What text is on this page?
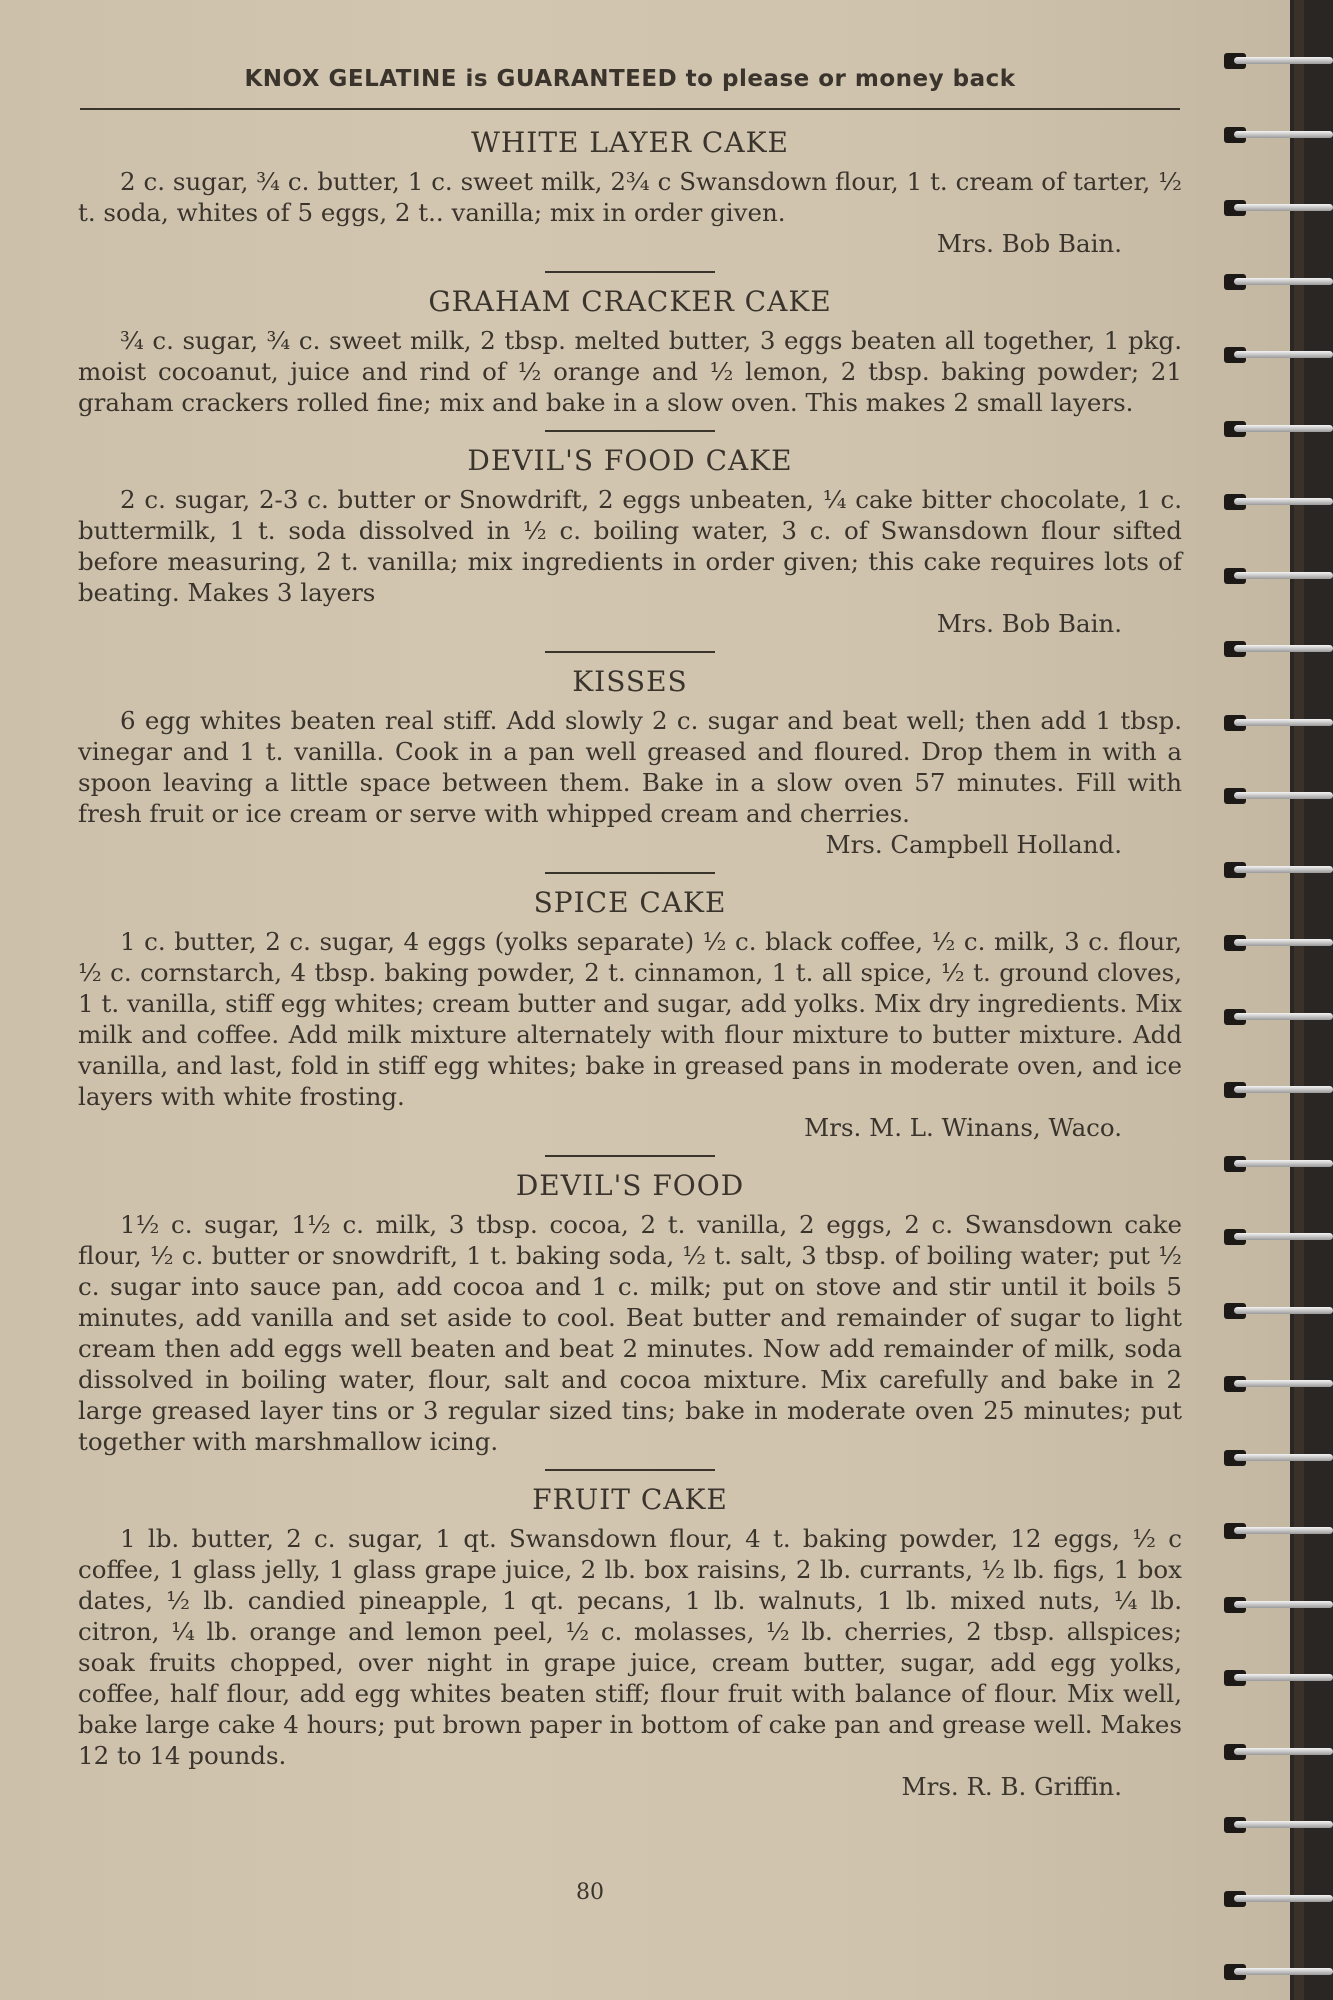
KNOX GELATINE is GUARANTEED to please or money back
WHITE LAYER CAKE

2 c. sugar, ¾ c. butter, 1 c. sweet milk, 2¾ c Swansdown flour, 1 t. cream of tarter, ½ t. soda, whites of 5 eggs, 2 t.. vanilla; mix in order given.

Mrs. Bob Bain.

GRAHAM CRACKER CAKE

¾ c. sugar, ¾ c. sweet milk, 2 tbsp. melted butter, 3 eggs beaten all together, 1 pkg. moist cocoanut, juice and rind of ½ orange and ½ lemon, 2 tbsp. baking powder; 21 graham crackers rolled fine; mix and bake in a slow oven. This makes 2 small layers.

DEVIL'S FOOD CAKE

2 c. sugar, 2-3 c. butter or Snowdrift, 2 eggs unbeaten, ¼ cake bitter chocolate, 1 c. buttermilk, 1 t. soda dissolved in ½ c. boiling water, 3 c. of Swansdown flour sifted before measuring, 2 t. vanilla; mix ingredients in order given; this cake requires lots of beating. Makes 3 layers

Mrs. Bob Bain.

KISSES

6 egg whites beaten real stiff. Add slowly 2 c. sugar and beat well; then add 1 tbsp. vinegar and 1 t. vanilla. Cook in a pan well greased and floured. Drop them in with a spoon leaving a little space between them. Bake in a slow oven 57 minutes. Fill with fresh fruit or ice cream or serve with whipped cream and cherries.

Mrs. Campbell Holland.

SPICE CAKE

1 c. butter, 2 c. sugar, 4 eggs (yolks separate) ½ c. black coffee, ½ c. milk, 3 c. flour, ½ c. cornstarch, 4 tbsp. baking powder, 2 t. cinnamon, 1 t. all spice, ½ t. ground cloves, 1 t. vanilla, stiff egg whites; cream butter and sugar, add yolks. Mix dry ingredients. Mix milk and coffee. Add milk mixture alternately with flour mixture to butter mixture. Add vanilla, and last, fold in stiff egg whites; bake in greased pans in moderate oven, and ice layers with white frosting.

Mrs. M. L. Winans, Waco.

DEVIL'S FOOD

1½ c. sugar, 1½ c. milk, 3 tbsp. cocoa, 2 t. vanilla, 2 eggs, 2 c. Swansdown cake flour, ½ c. butter or snowdrift, 1 t. baking soda, ½ t. salt, 3 tbsp. of boiling water; put ½ c. sugar into sauce pan, add cocoa and 1 c. milk; put on stove and stir until it boils 5 minutes, add vanilla and set aside to cool. Beat butter and remainder of sugar to light cream then add eggs well beaten and beat 2 minutes. Now add remainder of milk, soda dissolved in boiling water, flour, salt and cocoa mixture. Mix carefully and bake in 2 large greased layer tins or 3 regular sized tins; bake in moderate oven 25 minutes; put together with marshmallow icing.

FRUIT CAKE

1 lb. butter, 2 c. sugar, 1 qt. Swansdown flour, 4 t. baking powder, 12 eggs, ½ c coffee, 1 glass jelly, 1 glass grape juice, 2 lb. box raisins, 2 lb. currants, ½ lb. figs, 1 box dates, ½ lb. candied pineapple, 1 qt. pecans, 1 lb. walnuts, 1 lb. mixed nuts, ¼ lb. citron, ¼ lb. orange and lemon peel, ½ c. molasses, ½ lb. cherries, 2 tbsp. allspices; soak fruits chopped, over night in grape juice, cream butter, sugar, add egg yolks, coffee, half flour, add egg whites beaten stiff; flour fruit with balance of flour. Mix well, bake large cake 4 hours; put brown paper in bottom of cake pan and grease well. Makes 12 to 14 pounds.

Mrs. R. B. Griffin.

80
